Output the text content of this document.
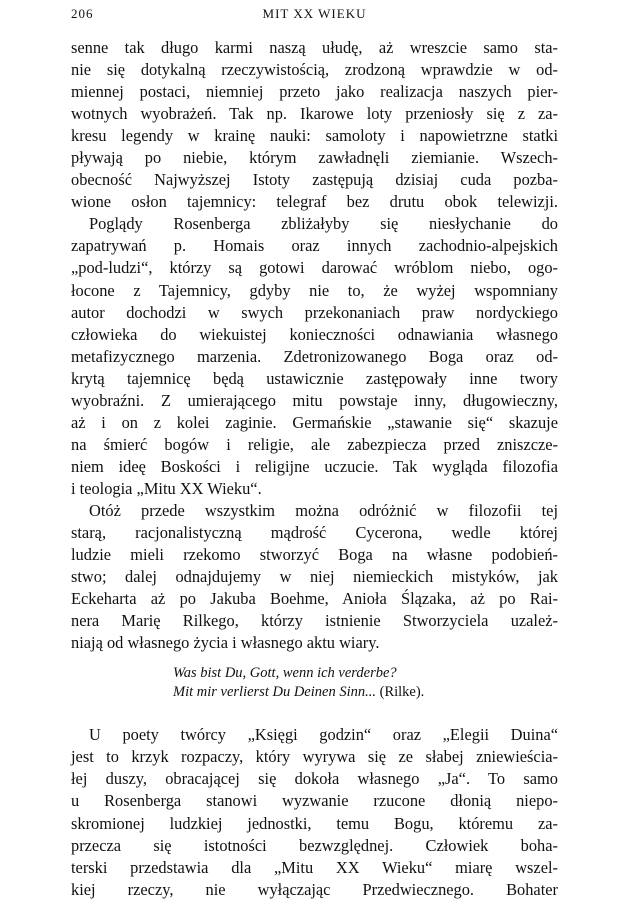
206	MIT XX WIEKU
senne tak długo karmi naszą ułudę, aż wreszcie samo sta-
nie się dotykalną rzeczywistością, zrodzoną wprawdzie w od-
miennej postaci, niemniej przeto jako realizacja naszych pier-
wotnych wyobrażeń. Tak np. Ikarowe loty przeniosły się z za-
kresu legendy w krainę nauki: samoloty i napowietrzne statki
pływają po niebie, którym zawładnęli ziemianie. Wszech-
obecność Najwyższej Istoty zastępują dzisiaj cuda pozba-
wione osłon tajemnicy: telegraf bez drutu obok telewizji.
Poglądy Rosenberga zbliżałyby się niesłychanie do
zapatrywań p. Homais oraz innych zachodnio-alpejskich
„pod-ludzi“, którzy są gotowi darować wróblom niebo, ogo-
łocone z Tajemnicy, gdyby nie to, że wyżej wspomniany
autor dochodzi w swych przekonaniach praw nordyckiego
człowieka do wiekuistej konieczności odnawiania własnego
metafizycznego marzenia. Zdetronizowanego Boga oraz od-
krytą tajemnicę będą ustawicznie zastępowały inne twory
wyobraźni. Z umierającego mitu powstaje inny, długowieczny,
aż i on z kolei zaginie. Germańskie „stawanie się“ skazuje
na śmierć bogów i religie, ale zabezpiecza przed zniszcze-
niem ideę Boskości i religijne uczucie. Tak wygląda filozofia
i teologia „Mitu XX Wieku“.
Otóż przede wszystkim można odróżnić w filozofii tej
starą, racjonalistyczną mądrość Cycerona, wedle której
ludzie mieli rzekomo stworzyć Boga na własne podobień-
stwo; dalej odnajdujemy w niej niemieckich mistyków, jak
Eckeharta aż po Jakuba Boehme, Anioła Ślązaka, aż po Rai-
nera Marię Rilkego, którzy istnienie Stworzyciela uzależ-
niają od własnego życia i własnego aktu wiary.
Was bist Du, Gott, wenn ich verderbe?
Mit mir verlierst Du Deinen Sinn... (Rilke).
U poety twórcy „Księgi godzin“ oraz „Elegii Duina“
jest to krzyk rozpaczy, który wyrywa się ze słabej zniewieścia-
łej duszy, obracającej się dokoła własnego „Ja“. To samo
u Rosenberga stanowi wyzwanie rzucone dłonią niepo-
skromionej ludzkiej jednostki, temu Bogu, któremu za-
przecza się istotności bezwzględnej. Człowiek boha-
terski przedstawia dla „Mitu XX Wieku“ miarę wszel-
kiej rzeczy, nie wyłączając Przedwiecznego. Bohater
